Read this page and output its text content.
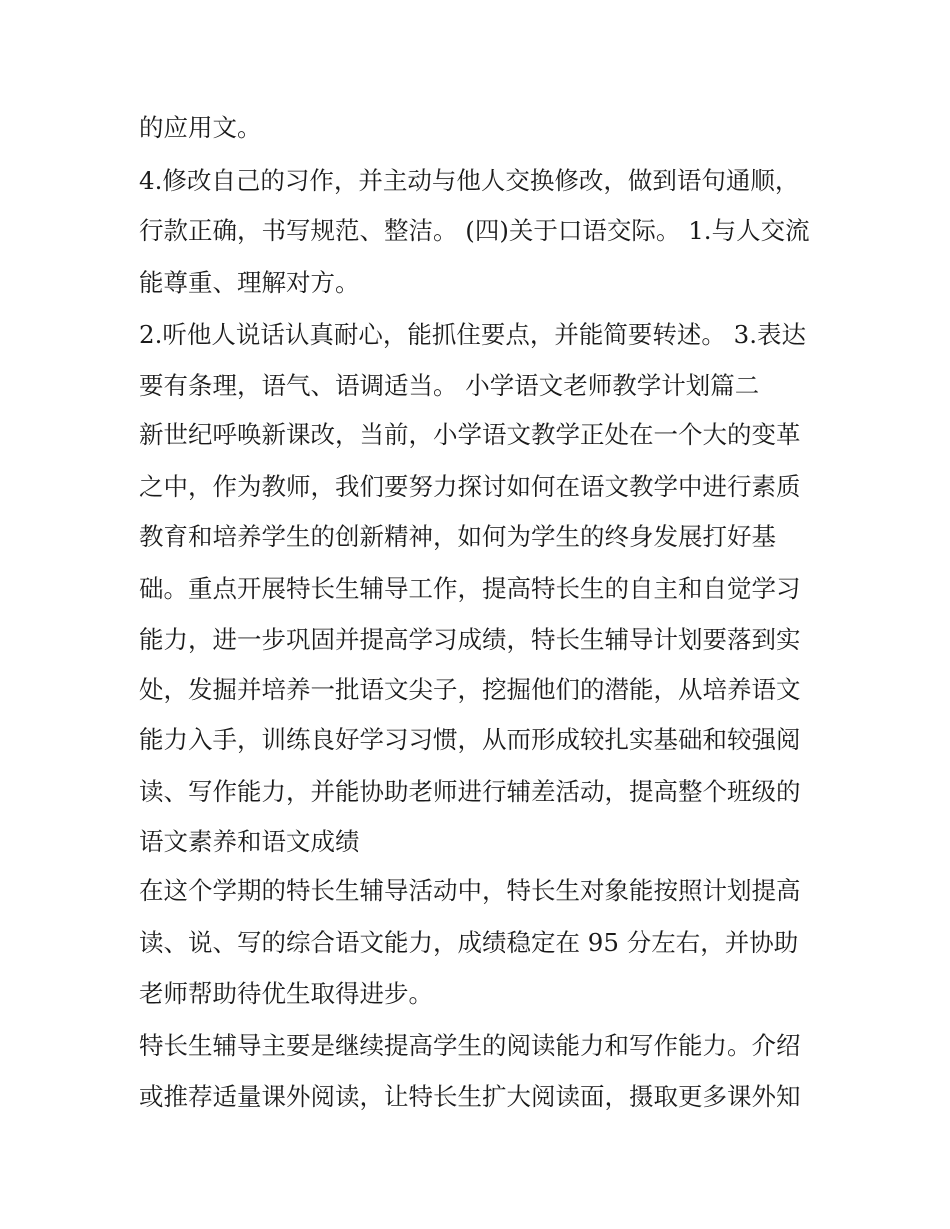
的应用文。
4.修改自己的习作，并主动与他人交换修改，做到语句通顺，
行款正确，书写规范、整洁。 (四)关于口语交际。 1.与人交流
能尊重、理解对方。
2.听他人说话认真耐心，能抓住要点，并能简要转述。 3.表达
要有条理，语气、语调适当。 小学语文老师教学计划篇二
新世纪呼唤新课改，当前，小学语文教学正处在一个大的变革
之中，作为教师，我们要努力探讨如何在语文教学中进行素质
教育和培养学生的创新精神，如何为学生的终身发展打好基
础。重点开展特长生辅导工作，提高特长生的自主和自觉学习
能力，进一步巩固并提高学习成绩，特长生辅导计划要落到实
处，发掘并培养一批语文尖子，挖掘他们的潜能，从培养语文
能力入手，训练良好学习习惯，从而形成较扎实基础和较强阅
读、写作能力，并能协助老师进行辅差活动，提高整个班级的
语文素养和语文成绩
在这个学期的特长生辅导活动中，特长生对象能按照计划提高
读、说、写的综合语文能力，成绩稳定在 95 分左右，并协助
老师帮助待优生取得进步。
特长生辅导主要是继续提高学生的阅读能力和写作能力。介绍
或推荐适量课外阅读，让特长生扩大阅读面，摄取更多课外知
